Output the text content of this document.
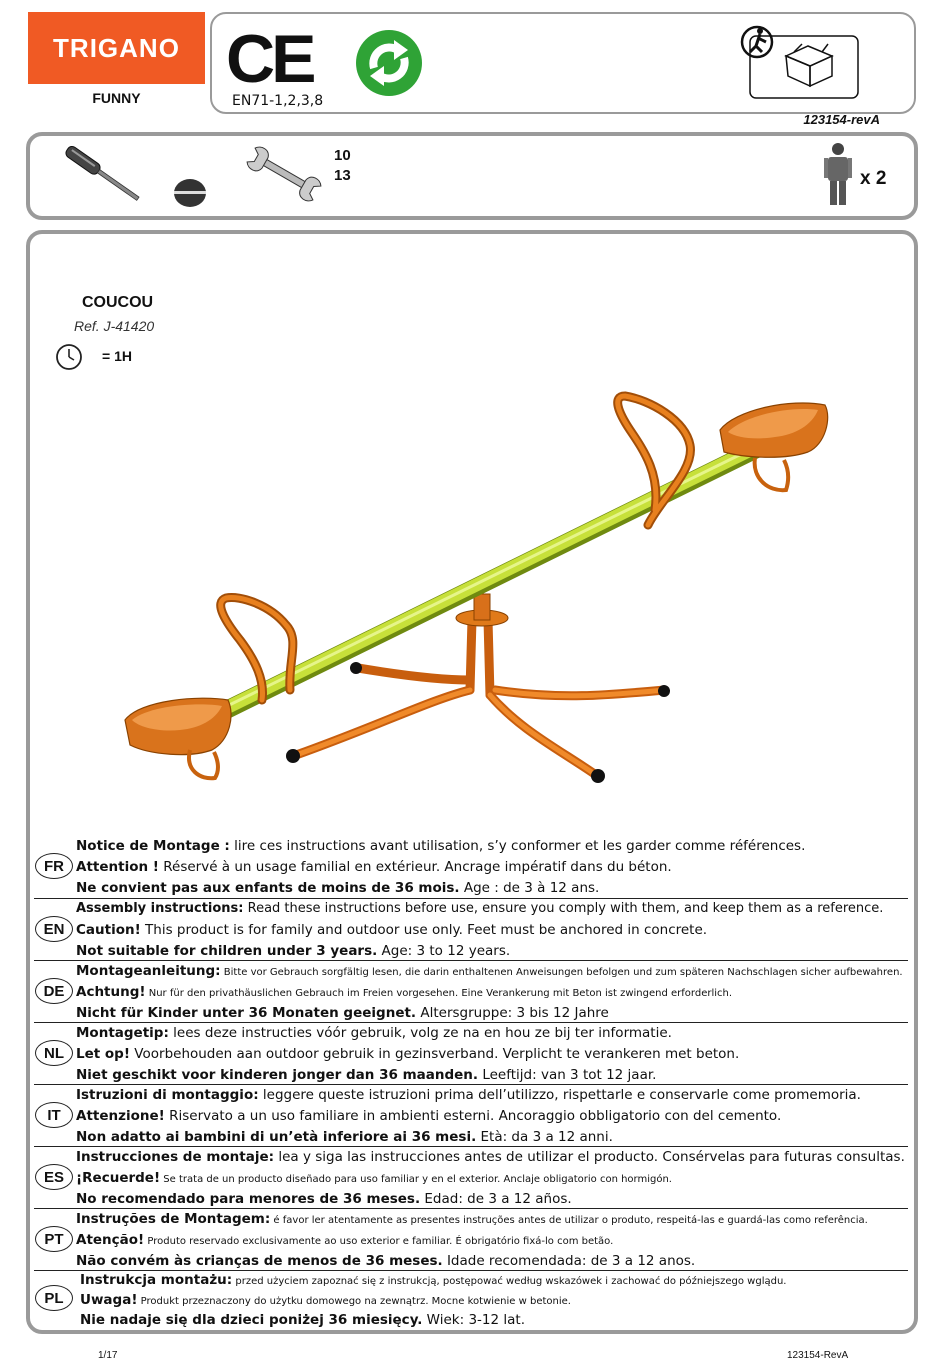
TRIGANO
FUNNY
CE
EN71-1,2,3,8
123154-revA
10
13	x 2
COUCOU
Ref. J-41420
= 1H
FR
Notice de Montage : lire ces instructions avant utilisation, s’y conformer et les garder comme références.
Attention ! Réservé à un usage familial en extérieur. Ancrage impératif dans du béton.
Ne convient pas aux enfants de moins de 36 mois. Age : de 3 à 12 ans.
EN
Assembly instructions: Read these instructions before use, ensure you comply with them, and keep them as a reference.
Caution! This product is for family and outdoor use only. Feet must be anchored in concrete.
Not suitable for children under 3 years. Age: 3 to 12 years.
DE
Montageanleitung: Bitte vor Gebrauch sorgfältig lesen, die darin enthaltenen Anweisungen befolgen und zum späteren Nachschlagen sicher aufbewahren.
Achtung! Nur für den privathäuslichen Gebrauch im Freien vorgesehen. Eine Verankerung mit Beton ist zwingend erforderlich.
Nicht für Kinder unter 36 Monaten geeignet. Altersgruppe: 3 bis 12 Jahre
NL
Montagetip: lees deze instructies vóór gebruik, volg ze na en hou ze bij ter informatie.
Let op! Voorbehouden aan outdoor gebruik in gezinsverband. Verplicht te verankeren met beton.
Niet geschikt voor kinderen jonger dan 36 maanden. Leeftijd: van 3 tot 12 jaar.
IT
Istruzioni di montaggio: leggere queste istruzioni prima dell’utilizzo, rispettarle e conservarle come promemoria.
Attenzione! Riservato a un uso familiare in ambienti esterni. Ancoraggio obbligatorio con del cemento.
Non adatto ai bambini di un’età inferiore ai 36 mesi. Età: da 3 a 12 anni.
ES
Instrucciones de montaje: lea y siga las instrucciones antes de utilizar el producto. Consérvelas para futuras consultas.
¡Recuerde! Se trata de un producto diseñado para uso familiar y en el exterior. Anclaje obligatorio con hormigón.
No recomendado para menores de 36 meses. Edad: de 3 a 12 años.
PT
Instruções de Montagem: é favor ler atentamente as presentes instruções antes de utilizar o produto, respeitá-las e guardá-las como referência.
Atenção! Produto reservado exclusivamente ao uso exterior e familiar. É obrigatório fixá-lo com betão.
Não convém às crianças de menos de 36 meses. Idade recomendada: de 3 a 12 anos.
PL
Instrukcja montażu: przed użyciem zapoznać się z instrukcją, postępować według wskazówek i zachować do późniejszego wglądu.
Uwaga! Produkt przeznaczony do użytku domowego na zewnątrz. Mocne kotwienie w betonie.
Nie nadaje się dla dzieci poniżej 36 miesięcy. Wiek: 3-12 lat.
1/17	123154-RevA
